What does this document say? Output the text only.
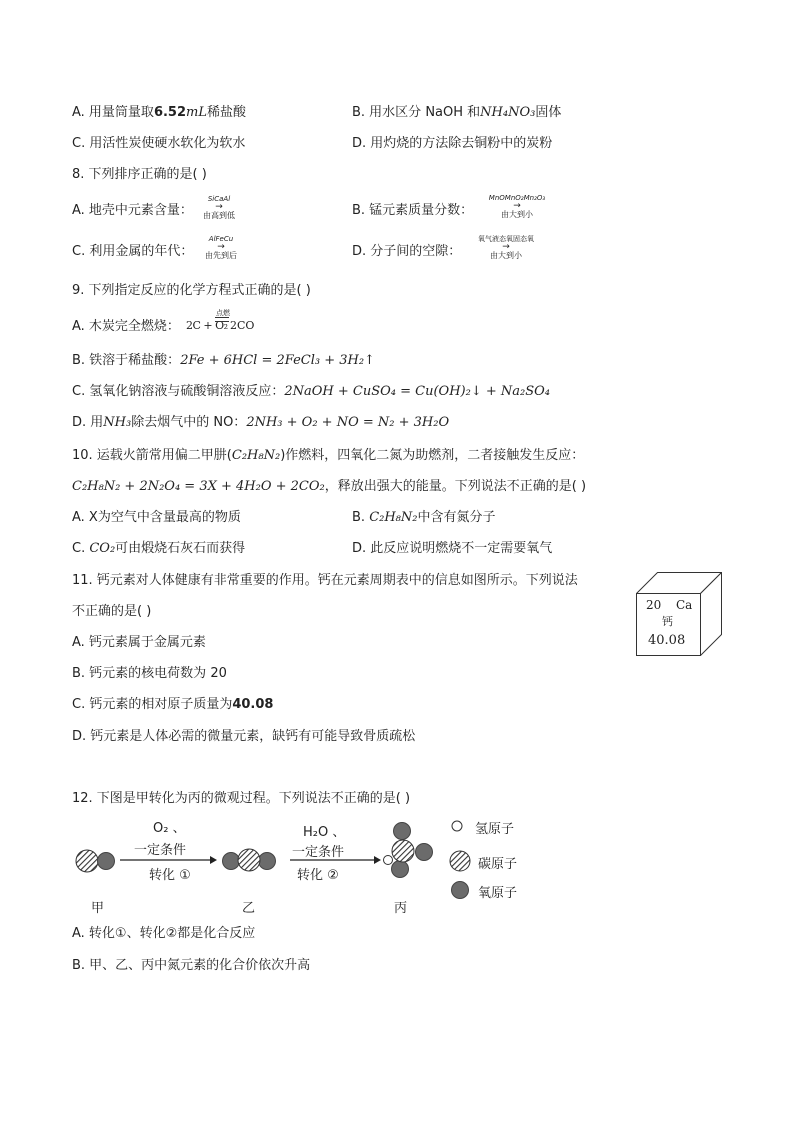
A. 用量筒量取6.52mL稀盐酸	B. 用水区分 NaOH 和NH₄NO₃固体
C. 用活性炭使硬水软化为软水	D. 用灼烧的方法除去铜粉中的炭粉
8. 下列排序正确的是( )
A. 地壳中元素含量：
SiCaAl
→
由高到低	B. 锰元素质量分数：
MnOMnO₂Mn₂O₃
→
由大到小
C. 利用金属的年代：
AlFeCu
→
由先到后	D. 分子间的空隙：
氧气液态氧固态氧
→
由大到小
9. 下列指定反应的化学方程式正确的是( )
A. 木炭完全燃烧： 2C + O₂
点燃
2CO
B. 铁溶于稀盐酸：2Fe + 6HCl = 2FeCl₃ + 3H₂↑
C. 氢氧化钠溶液与硫酸铜溶液反应：2NaOH + CuSO₄ = Cu(OH)₂↓ + Na₂SO₄
D. 用NH₃除去烟气中的 NO：2NH₃ + O₂ + NO = N₂ + 3H₂O
10. 运载火箭常用偏二甲肼(C₂H₈N₂)作燃料，四氧化二氮为助燃剂，二者接触发生反应：
C₂H₈N₂ + 2N₂O₄ = 3X + 4H₂O + 2CO₂，释放出强大的能量。下列说法不正确的是( )
A. X为空气中含量最高的物质	B. C₂H₈N₂中含有氮分子
C. CO₂可由煅烧石灰石而获得	D. 此反应说明燃烧不一定需要氧气
11. 钙元素对人体健康有非常重要的作用。钙在元素周期表中的信息如图所示。下列说法
不正确的是( )
A. 钙元素属于金属元素
B. 钙元素的核电荷数为 20
C. 钙元素的相对原子质量为40.08
D. 钙元素是人体必需的微量元素，缺钙有可能导致骨质疏松
20 Ca
钙
40.08
12. 下图是甲转化为丙的微观过程。下列说法不正确的是( )
O₂ 、
一定条件
转化 ①
H₂O 、
一定条件
转化 ②
甲	乙	丙
氢原子
碳原子
氧原子
A. 转化①、转化②都是化合反应
B. 甲、乙、丙中氮元素的化合价依次升高
